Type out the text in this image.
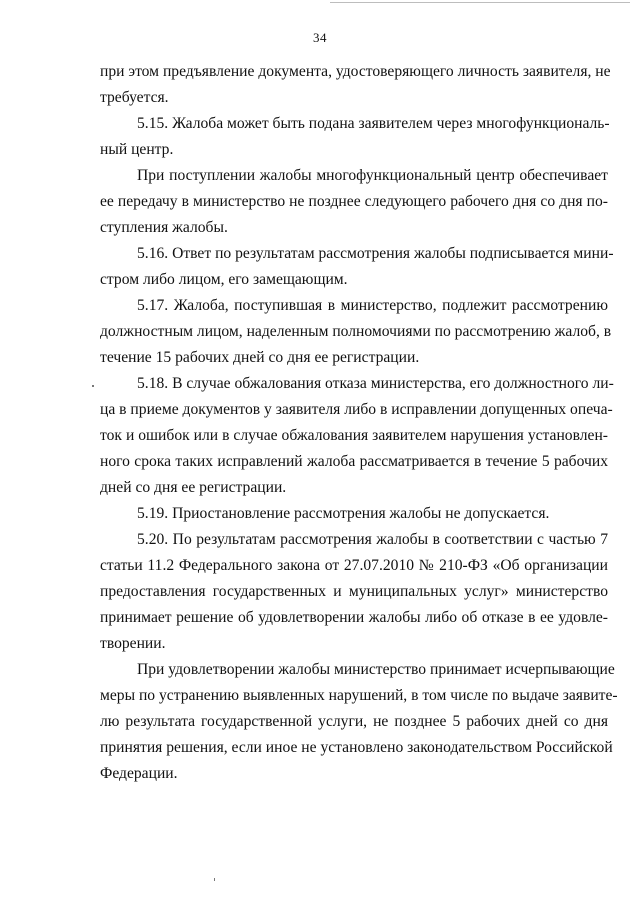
34
при этом предъявление документа, удостоверяющего личность заявителя, не
требуется.
5.15. Жалоба может быть подана заявителем через многофункциональ-
ный центр.
При поступлении жалобы многофункциональный центр обеспечивает
ее передачу в министерство не позднее следующего рабочего дня со дня по-
ступления жалобы.
5.16. Ответ по результатам рассмотрения жалобы подписывается мини-
стром либо лицом, его замещающим.
5.17. Жалоба, поступившая в министерство, подлежит рассмотрению
должностным лицом, наделенным полномочиями по рассмотрению жалоб, в
течение 15 рабочих дней со дня ее регистрации.
5.18. В случае обжалования отказа министерства, его должностного ли-
ца в приеме документов у заявителя либо в исправлении допущенных опеча-
ток и ошибок или в случае обжалования заявителем нарушения установлен-
ного срока таких исправлений жалоба рассматривается в течение 5 рабочих
дней со дня ее регистрации.
5.19. Приостановление рассмотрения жалобы не допускается.
5.20. По результатам рассмотрения жалобы в соответствии с частью 7
статьи 11.2 Федерального закона от 27.07.2010 № 210-ФЗ «Об организации
предоставления государственных и муниципальных услуг» министерство
принимает решение об удовлетворении жалобы либо об отказе в ее удовле-
творении.
При удовлетворении жалобы министерство принимает исчерпывающие
меры по устранению выявленных нарушений, в том числе по выдаче заявите-
лю результата государственной услуги, не позднее 5 рабочих дней со дня
принятия решения, если иное не установлено законодательством Российской
Федерации.
